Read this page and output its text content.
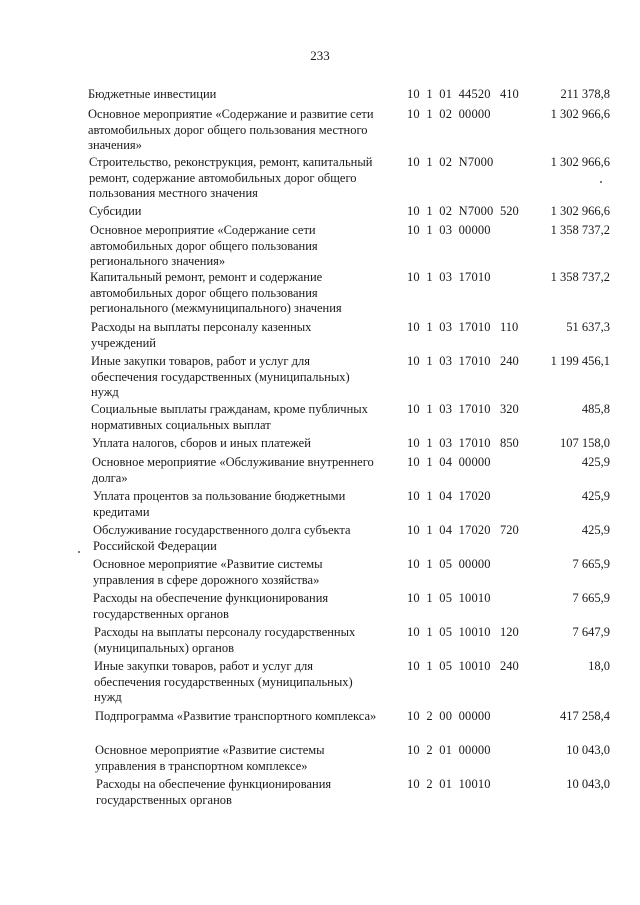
233
Бюджетные инвестиции	10  1  01  44520 410	211 378,8
Основное мероприятие «Содержание и развитие сети автомобильных дорог общего пользования местного значения»
10  1  02  00000	1 302 966,6
Строительство, реконструкция, ремонт, капитальный ремонт, содержание автомобильных дорог общего пользования местного значения
10  1  02  N7000	1 302 966,6
Субсидии	10  1  02  N7000 520	1 302 966,6
Основное мероприятие «Содержание сети автомобильных дорог общего пользования регионального значения»
10  1  03  00000	1 358 737,2
Капитальный ремонт, ремонт и содержание автомобильных дорог общего пользования регионального (межмуниципального) значения
10  1  03  17010	1 358 737,2
Расходы на выплаты персоналу казенных учреждений
10  1  03  17010 110	51 637,3
Иные закупки товаров, работ и услуг для обеспечения государственных (муниципальных) нужд
10  1  03  17010 240	1 199 456,1
Социальные выплаты гражданам, кроме публичных нормативных социальных выплат
10  1  03  17010 320	485,8
Уплата налогов, сборов и иных платежей	10  1  03  17010 850	107 158,0
Основное мероприятие «Обслуживание внутреннего долга»
10  1  04  00000	425,9
Уплата процентов за пользование бюджетными кредитами
10  1  04  17020	425,9
Обслуживание государственного долга субъекта Российской Федерации
10  1  04  17020 720	425,9
Основное мероприятие «Развитие системы управления в сфере дорожного хозяйства»
10  1  05  00000	7 665,9
Расходы на обеспечение функционирования государственных органов
10  1  05  10010	7 665,9
Расходы на выплаты персоналу государственных (муниципальных) органов
10  1  05  10010 120	7 647,9
Иные закупки товаров, работ и услуг для обеспечения государственных (муниципальных) нужд
10  1  05  10010 240	18,0
Подпрограмма «Развитие транспортного комплекса»	10  2  00  00000	417 258,4
Основное мероприятие «Развитие системы управления в транспортном комплексе»
10  2  01  00000	10 043,0
Расходы на обеспечение функционирования государственных органов
10  2  01  10010	10 043,0
